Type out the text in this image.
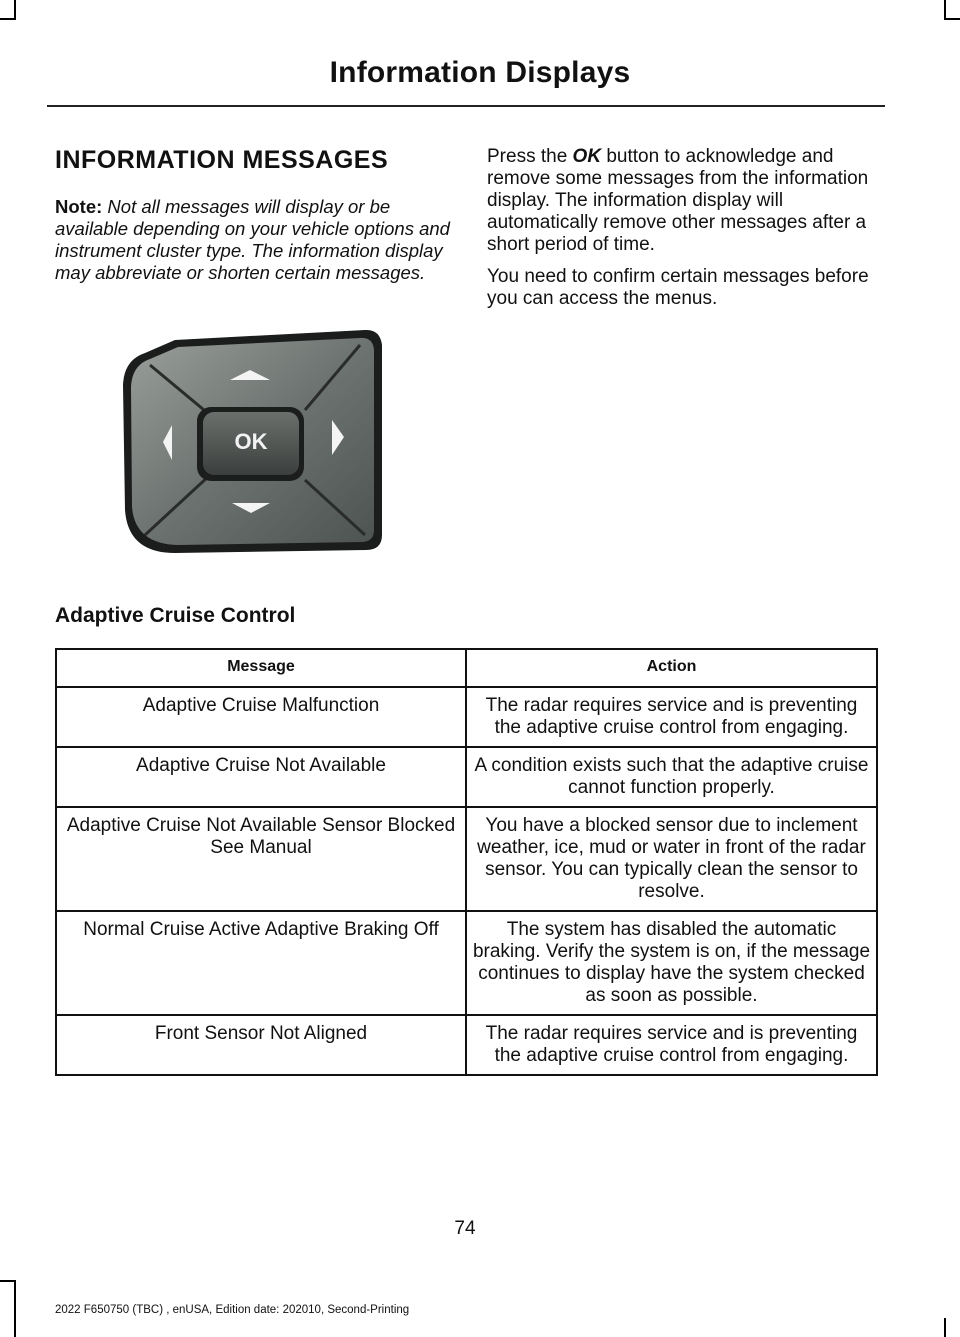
Information Displays
INFORMATION MESSAGES
Note: Not all messages will display or be available depending on your vehicle options and instrument cluster type. The information display may abbreviate or shorten certain messages.

Press the OK button to acknowledge and remove some messages from the information display. The information display will automatically remove other messages after a short period of time.

You need to confirm certain messages before you can access the menus.

OK
Adaptive Cruise Control
Message	Action
Adaptive Cruise Malfunction	The radar requires service and is preventing the adaptive cruise control from engaging.
Adaptive Cruise Not Available	A condition exists such that the adaptive cruise cannot function properly.
Adaptive Cruise Not Available Sensor Blocked See Manual	You have a blocked sensor due to inclement weather, ice, mud or water in front of the radar sensor. You can typically clean the sensor to resolve.
Normal Cruise Active Adaptive Braking Off	The system has disabled the automatic braking. Verify the system is on, if the message continues to display have the system checked as soon as possible.
Front Sensor Not Aligned	The radar requires service and is preventing the adaptive cruise control from engaging.
74
2022 F650750 (TBC) , enUSA, Edition date: 202010, Second-Printing
